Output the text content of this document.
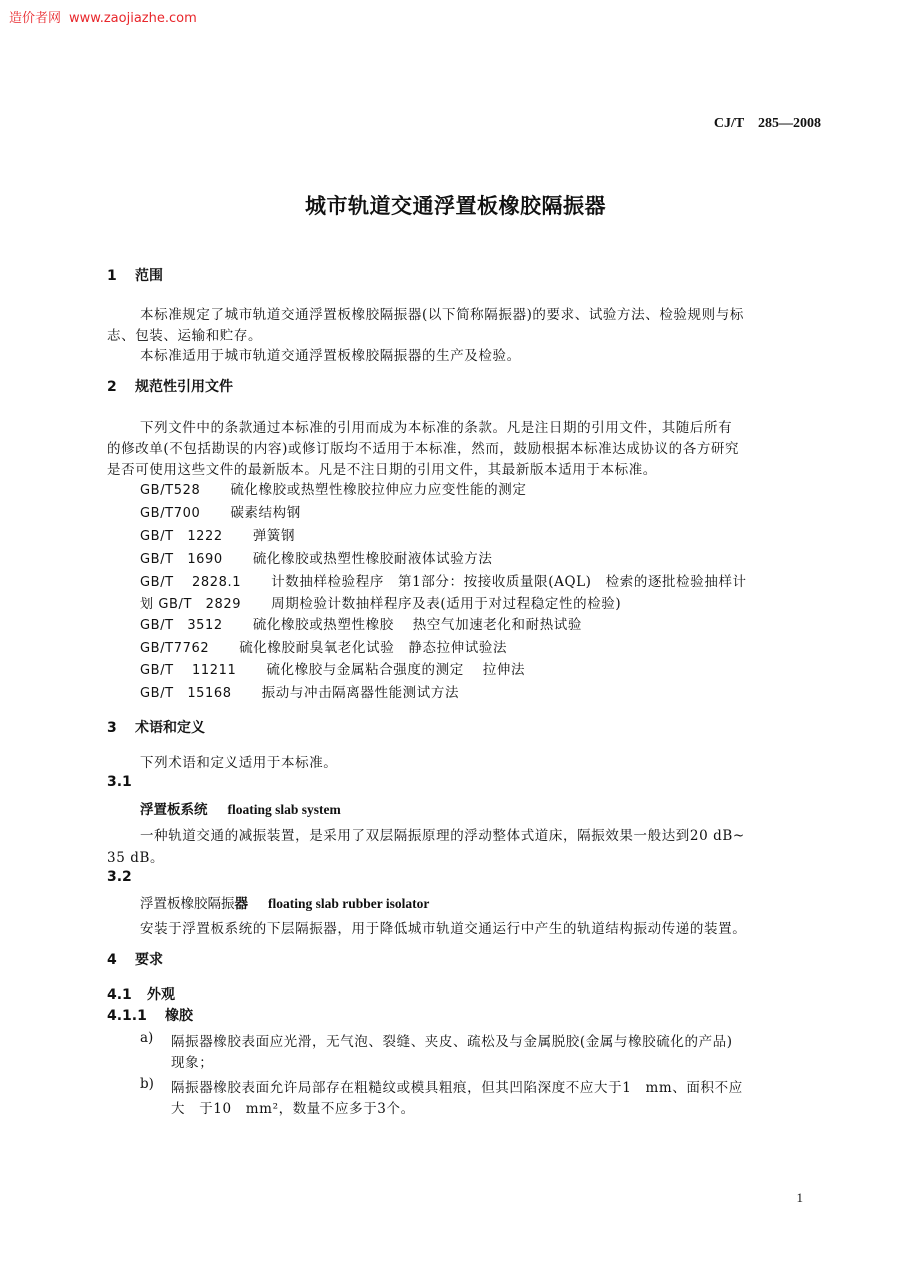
造价者网 www.zaojiazhe.com
CJ/T　285—2008
城市轨道交通浮置板橡胶隔振器
1 范围
本标准规定了城市轨道交通浮置板橡胶隔振器(以下简称隔振器)的要求、试验方法、检验规则与标
志、包装、运输和贮存。
本标准适用于城市轨道交通浮置板橡胶隔振器的生产及检验。
2 规范性引用文件
下列文件中的条款通过本标准的引用而成为本标准的条款。凡是注日期的引用文件，其随后所有
的修改单(不包括勘误的内容)或修订版均不适用于本标准，然而，鼓励根据本标准达成协议的各方研究
是否可使用这些文件的最新版本。凡是不注日期的引用文件，其最新版本适用于本标准。
GB/T528 硫化橡胶或热塑性橡胶拉伸应力应变性能的测定
GB/T700 碳素结构钢
GB/T　1222 弹簧钢
GB/T　1690 硫化橡胶或热塑性橡胶耐液体试验方法
GB/T　 2828.1 计数抽样检验程序　第1部分：按接收质量限(AQL)　检索的逐批检验抽样计
划 GB/T　2829 周期检验计数抽样程序及表(适用于对过程稳定性的检验)
GB/T　3512 硫化橡胶或热塑性橡胶　 热空气加速老化和耐热试验
GB/T7762 硫化橡胶耐臭氧老化试验　静态拉伸试验法
GB/T　 11211 硫化橡胶与金属粘合强度的测定　 拉伸法
GB/T　15168 振动与冲击隔离器性能测试方法
3 术语和定义
下列术语和定义适用于本标准。
3.1
浮置板系统 floating slab system
一种轨道交通的减振装置，是采用了双层隔振原理的浮动整体式道床，隔振效果一般达到20 dB~
35 dB。
3.2
浮置板橡胶隔振器 floating slab rubber isolator
安装于浮置板系统的下层隔振器，用于降低城市轨道交通运行中产生的轨道结构振动传递的装置。
4 要求
4.1 外观
4.1.1 橡胶
a) 隔振器橡胶表面应光滑，无气泡、裂缝、夹皮、疏松及与金属脱胶(金属与橡胶硫化的产品)
现象；
b) 隔振器橡胶表面允许局部存在粗糙纹或模具粗痕，但其凹陷深度不应大于1　mm、面积不应
大　于10　mm²，数量不应多于3个。
1
